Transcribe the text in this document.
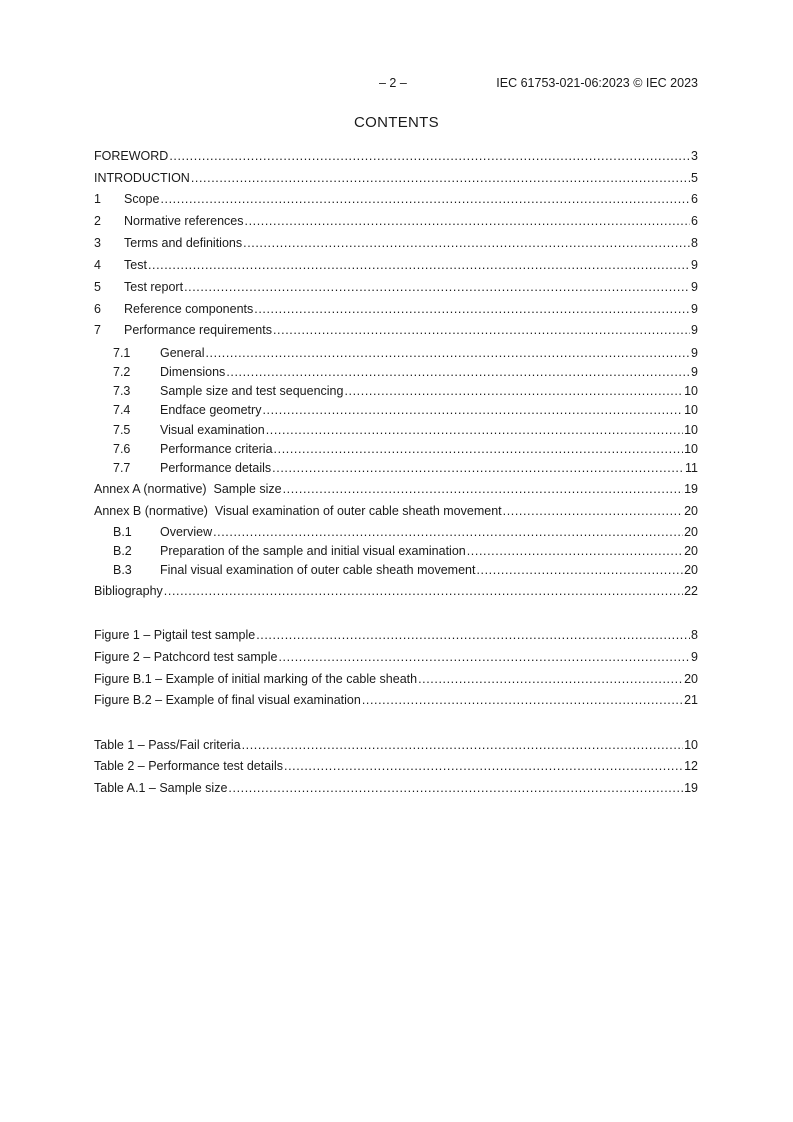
– 2 –	IEC 61753-021-06:2023 © IEC 2023
CONTENTS
FOREWORD .....	3
INTRODUCTION .....	5
1	Scope .....	6
2	Normative references .....	6
3	Terms and definitions .....	8
4	Test .....	9
5	Test report .....	9
6	Reference components .....	9
7	Performance requirements .....	9
7.1	General .....	9
7.2	Dimensions .....	9
7.3	Sample size and test sequencing .....	10
7.4	Endface geometry .....	10
7.5	Visual examination .....	10
7.6	Performance criteria .....	10
7.7	Performance details .....	11
Annex A (normative)  Sample size .....	19
Annex B (normative)  Visual examination of outer cable sheath movement .....	20
B.1	Overview .....	20
B.2	Preparation of the sample and initial visual examination .....	20
B.3	Final visual examination of outer cable sheath movement .....	20
Bibliography .....	22
Figure 1 – Pigtail test sample .....	8
Figure 2 – Patchcord test sample .....	9
Figure B.1 – Example of initial marking of the cable sheath .....	20
Figure B.2 – Example of final visual examination .....	21
Table 1 – Pass/Fail criteria .....	10
Table 2 – Performance test details .....	12
Table A.1 – Sample size .....	19
